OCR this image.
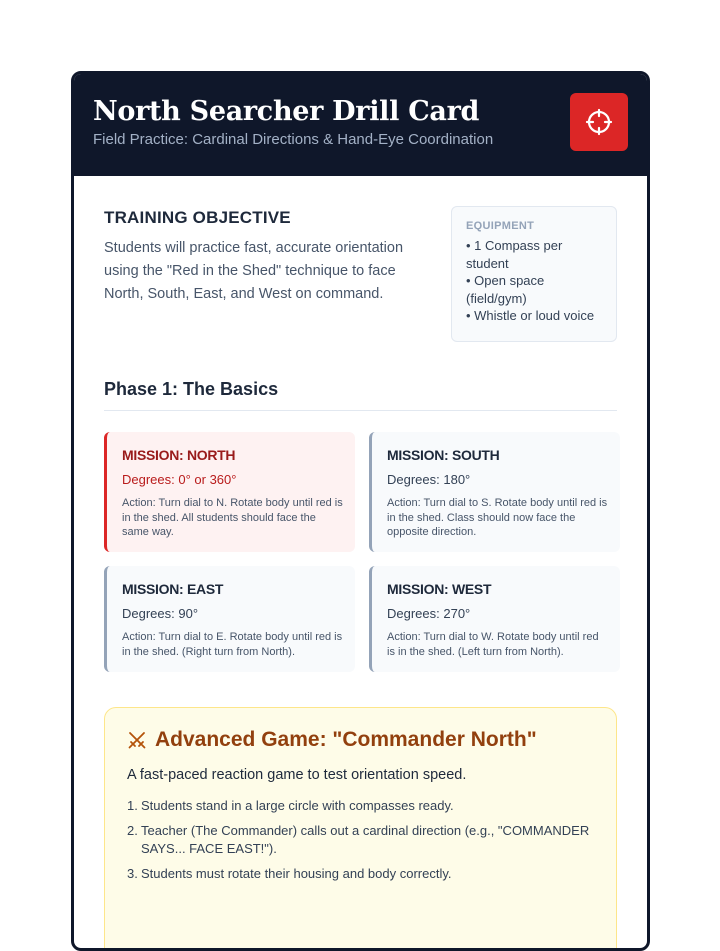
North Searcher Drill Card
Field Practice: Cardinal Directions & Hand-Eye Coordination
TRAINING OBJECTIVE
Students will practice fast, accurate orientation using the "Red in the Shed" technique to face North, South, East, and West on command.
EQUIPMENT
• 1 Compass per student
• Open space (field/gym)
• Whistle or loud voice
Phase 1: The Basics
MISSION: NORTH
Degrees: 0° or 360°
Action: Turn dial to N. Rotate body until red is in the shed. All students should face the same way.
MISSION: SOUTH
Degrees: 180°
Action: Turn dial to S. Rotate body until red is in the shed. Class should now face the opposite direction.
MISSION: EAST
Degrees: 90°
Action: Turn dial to E. Rotate body until red is in the shed. (Right turn from North).
MISSION: WEST
Degrees: 270°
Action: Turn dial to W. Rotate body until red is in the shed. (Left turn from North).
Advanced Game: "Commander North"
A fast-paced reaction game to test orientation speed.
1. Students stand in a large circle with compasses ready.
2. Teacher (The Commander) calls out a cardinal direction (e.g., "COMMANDER SAYS... FACE EAST!").
3. Students must rotate their housing and body correctly.
